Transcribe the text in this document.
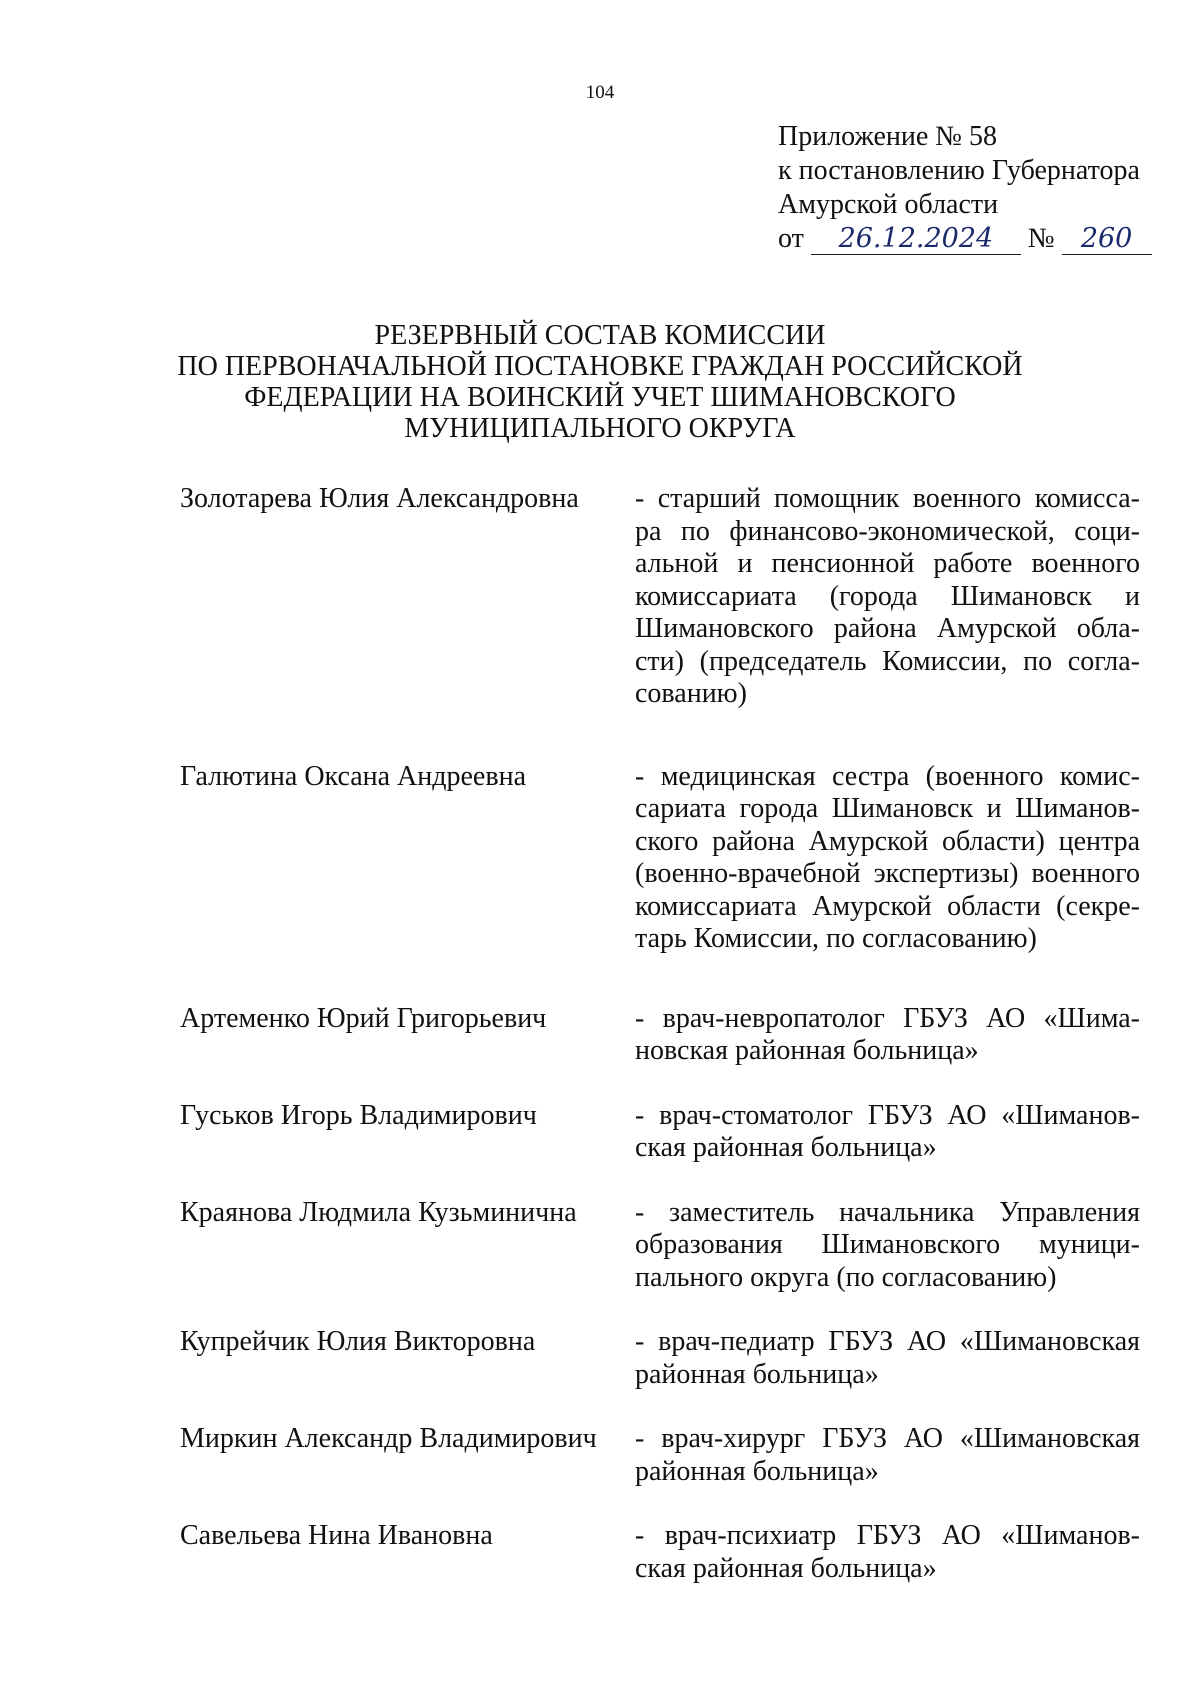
104
Приложение № 58
к постановлению Губернатора
Амурской области
от 26.12.2024 № 260
РЕЗЕРВНЫЙ СОСТАВ КОМИССИИ
ПО ПЕРВОНАЧАЛЬНОЙ ПОСТАНОВКЕ ГРАЖДАН РОССИЙСКОЙ
ФЕДЕРАЦИИ НА ВОИНСКИЙ УЧЕТ ШИМАНОВСКОГО
МУНИЦИПАЛЬНОГО ОКРУГА
Золотарева Юлия Александровна	- старший помощник военного комисса-
ра по финансово-экономической, соци-
альной и пенсионной работе военного
комиссариата (города Шимановск и
Шимановского района Амурской обла-
сти) (председатель Комиссии, по согла-
сованию)
Галютина Оксана Андреевна	- медицинская сестра (военного комис-
сариата города Шимановск и Шиманов-
ского района Амурской области) центра
(военно-врачебной экспертизы) военного
комиссариата Амурской области (секре-
тарь Комиссии, по согласованию)
Артеменко Юрий Григорьевич	- врач-невропатолог ГБУЗ АО «Шима-
новская районная больница»
Гуськов Игорь Владимирович	- врач-стоматолог ГБУЗ АО «Шиманов-
ская районная больница»
Краянова Людмила Кузьминична	- заместитель начальника Управления
образования Шимановского муници-
пального округа (по согласованию)
Купрейчик Юлия Викторовна	- врач-педиатр ГБУЗ АО «Шимановская
районная больница»
Миркин Александр Владимирович	- врач-хирург ГБУЗ АО «Шимановская
районная больница»
Савельева Нина Ивановна	- врач-психиатр ГБУЗ АО «Шиманов-
ская районная больница»
